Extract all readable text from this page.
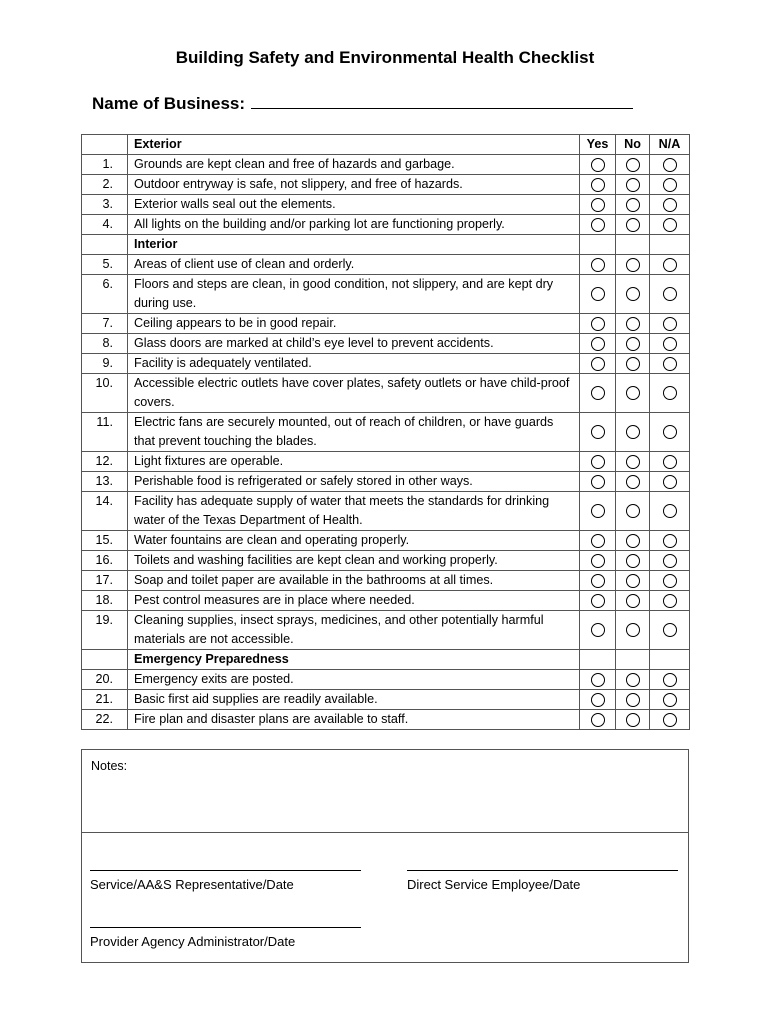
Building Safety and Environmental Health Checklist
Name of Business:
	Exterior	Yes	No	N/A
1.	Grounds are kept clean and free of hazards and garbage.			
2.	Outdoor entryway is safe, not slippery, and free of hazards.			
3.	Exterior walls seal out the elements.			
4.	All lights on the building and/or parking lot are functioning properly.			
	Interior			
5.	Areas of client use of clean and orderly.			
6.	Floors and steps are clean, in good condition, not slippery, and are kept dry during use.			
7.	Ceiling appears to be in good repair.			
8.	Glass doors are marked at child’s eye level to prevent accidents.			
9.	Facility is adequately ventilated.			
10.	Accessible electric outlets have cover plates, safety outlets or have child-proof covers.			
11.	Electric fans are securely mounted, out of reach of children, or have guards that prevent touching the blades.			
12.	Light fixtures are operable.			
13.	Perishable food is refrigerated or safely stored in other ways.			
14.	Facility has adequate supply of water that meets the standards for drinking water of the Texas Department of Health.			
15.	Water fountains are clean and operating properly.			
16.	Toilets and washing facilities are kept clean and working properly.			
17.	Soap and toilet paper are available in the bathrooms at all times.			
18.	Pest control measures are in place where needed.			
19.	Cleaning supplies, insect sprays, medicines, and other potentially harmful materials are not accessible.			
	Emergency Preparedness			
20.	Emergency exits are posted.			
21.	Basic first aid supplies are readily available.			
22.	Fire plan and disaster plans are available to staff.			
Notes:
Service/AA&S Representative/Date	Direct Service Employee/Date
Provider Agency Administrator/Date
